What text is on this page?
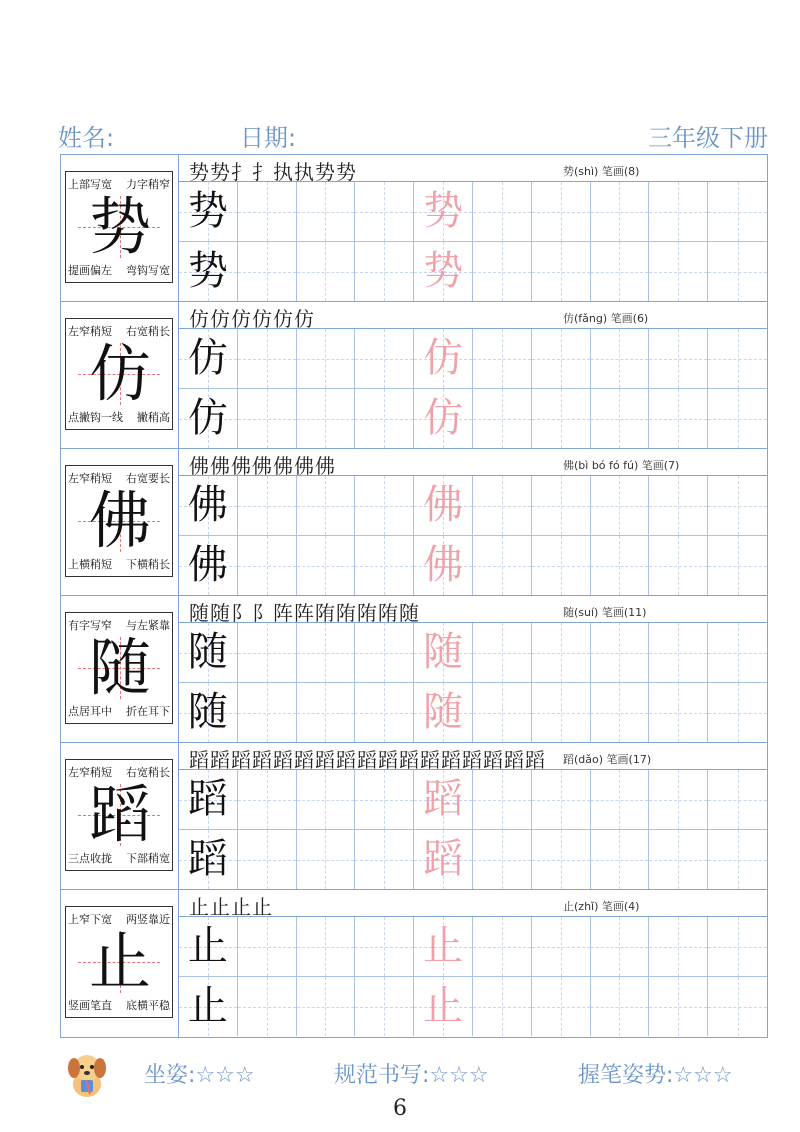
姓名:	日期:	三年级下册
上部写宽 力字稍窄
提画偏左 弯钩写宽
势
势势扌扌执执势势	势(shì) 笔画(8)
势	势
势	势
左窄稍短 右宽稍长
点撇钩一线 撇稍高
仿
仿仿仿仿仿仿	仿(fǎng) 笔画(6)
仿	仿
仿	仿
左窄稍短 右宽要长
上横稍短 下横稍长
佛
佛佛佛佛佛佛佛	佛(bì bó fó fú) 笔画(7)
佛	佛
佛	佛
有字写窄 与左紧靠
点居耳中 折在耳下
随
随随阝阝阵阵陏陏陏陏随	随(suí) 笔画(11)
随	随
随	随
左窄稍短 右宽稍长
三点收拢 下部稍宽
蹈
蹈蹈蹈蹈蹈蹈蹈蹈蹈蹈蹈蹈蹈蹈蹈蹈蹈 蹈(dǎo) 笔画(17)
蹈	蹈
蹈	蹈
上窄下宽 两竖靠近
竖画笔直 底横平稳
止
止止止止	止(zhǐ) 笔画(4)
止	止
止	止
坐姿:☆☆☆	规范书写:☆☆☆	握笔姿势:☆☆☆
6
